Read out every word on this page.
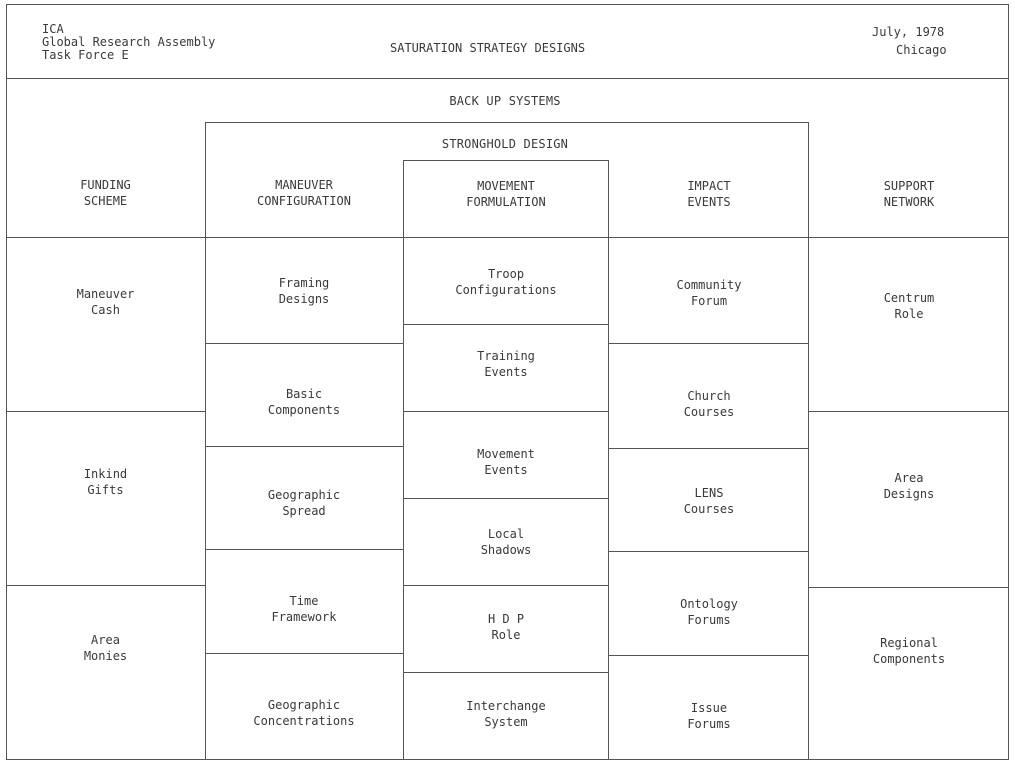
ICA
Global Research Assembly
Task Force E	SATURATION STRATEGY DESIGNS
July, 1978
Chicago
BACK UP SYSTEMS
STRONGHOLD DESIGN
FUNDING
SCHEME
MANEUVER
CONFIGURATION
MOVEMENT
FORMULATION
IMPACT
EVENTS
SUPPORT
NETWORK
Maneuver
Cash
Inkind
Gifts
Area
Monies
Framing
Designs
Basic
Components
Geographic
Spread
Time
Framework
Geographic
Concentrations
Troop
Configurations
Training
Events
Movement
Events
Local
Shadows
H D P
Role
Interchange
System
Community
Forum
Church
Courses
LENS
Courses
Ontology
Forums
Issue
Forums
Centrum
Role
Area
Designs
Regional
Components
